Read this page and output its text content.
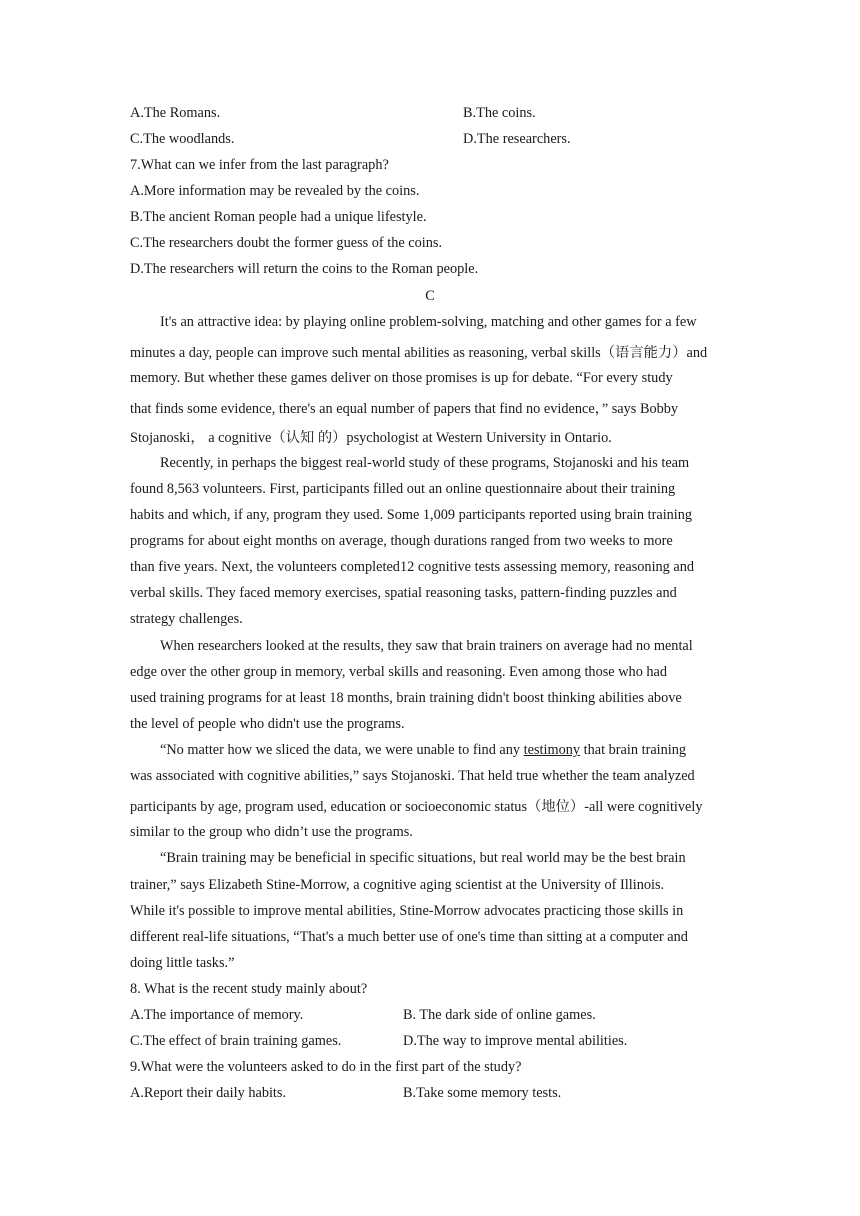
A.The Romans.	B.The coins.
C.The woodlands.	D.The researchers.
7.What can we infer from the last paragraph?
A.More information may be revealed by the coins.
B.The ancient Roman people had a unique lifestyle.
C.The researchers doubt the former guess of the coins.
D.The researchers will return the coins to the Roman people.
C
It's an attractive idea: by playing online problem-solving, matching and other games for a few
minutes a day, people can improve such mental abilities as reasoning, verbal skills（语言能力）and
memory. But whether these games deliver on those promises is up for debate. “For every study
that finds some evidence, there's an equal number of papers that find no evidence，” says Bobby
Stojanoski， a cognitive（认知 的）psychologist at Western University in Ontario.
Recently, in perhaps the biggest real-world study of these programs, Stojanoski and his team
found 8,563 volunteers. First, participants filled out an online questionnaire about their training
habits and which, if any, program they used. Some 1,009 participants reported using brain training
programs for about eight months on average, though durations ranged from two weeks to more
than five years. Next, the volunteers completed12 cognitive tests assessing memory, reasoning and
verbal skills. They faced memory exercises, spatial reasoning tasks, pattern-finding puzzles and
strategy challenges.
When researchers looked at the results, they saw that brain trainers on average had no mental
edge over the other group in memory, verbal skills and reasoning. Even among those who had
used training programs for at least 18 months, brain training didn't boost thinking abilities above
the level of people who didn't use the programs.
“No matter how we sliced the data, we were unable to find any testimony that brain training
was associated with cognitive abilities,” says Stojanoski. That held true whether the team analyzed
participants by age, program used, education or socioeconomic status（地位）-all were cognitively
similar to the group who didn’t use the programs.
“Brain training may be beneficial in specific situations, but real world may be the best brain
trainer,” says Elizabeth Stine-Morrow, a cognitive aging scientist at the University of Illinois.
While it's possible to improve mental abilities, Stine-Morrow advocates practicing those skills in
different real-life situations, “That's a much better use of one's time than sitting at a computer and
doing little tasks.”
8. What is the recent study mainly about?
A.The importance of memory.	B. The dark side of online games.
C.The effect of brain training games.	D.The way to improve mental abilities.
9.What were the volunteers asked to do in the first part of the study?
A.Report their daily habits.	B.Take some memory tests.
